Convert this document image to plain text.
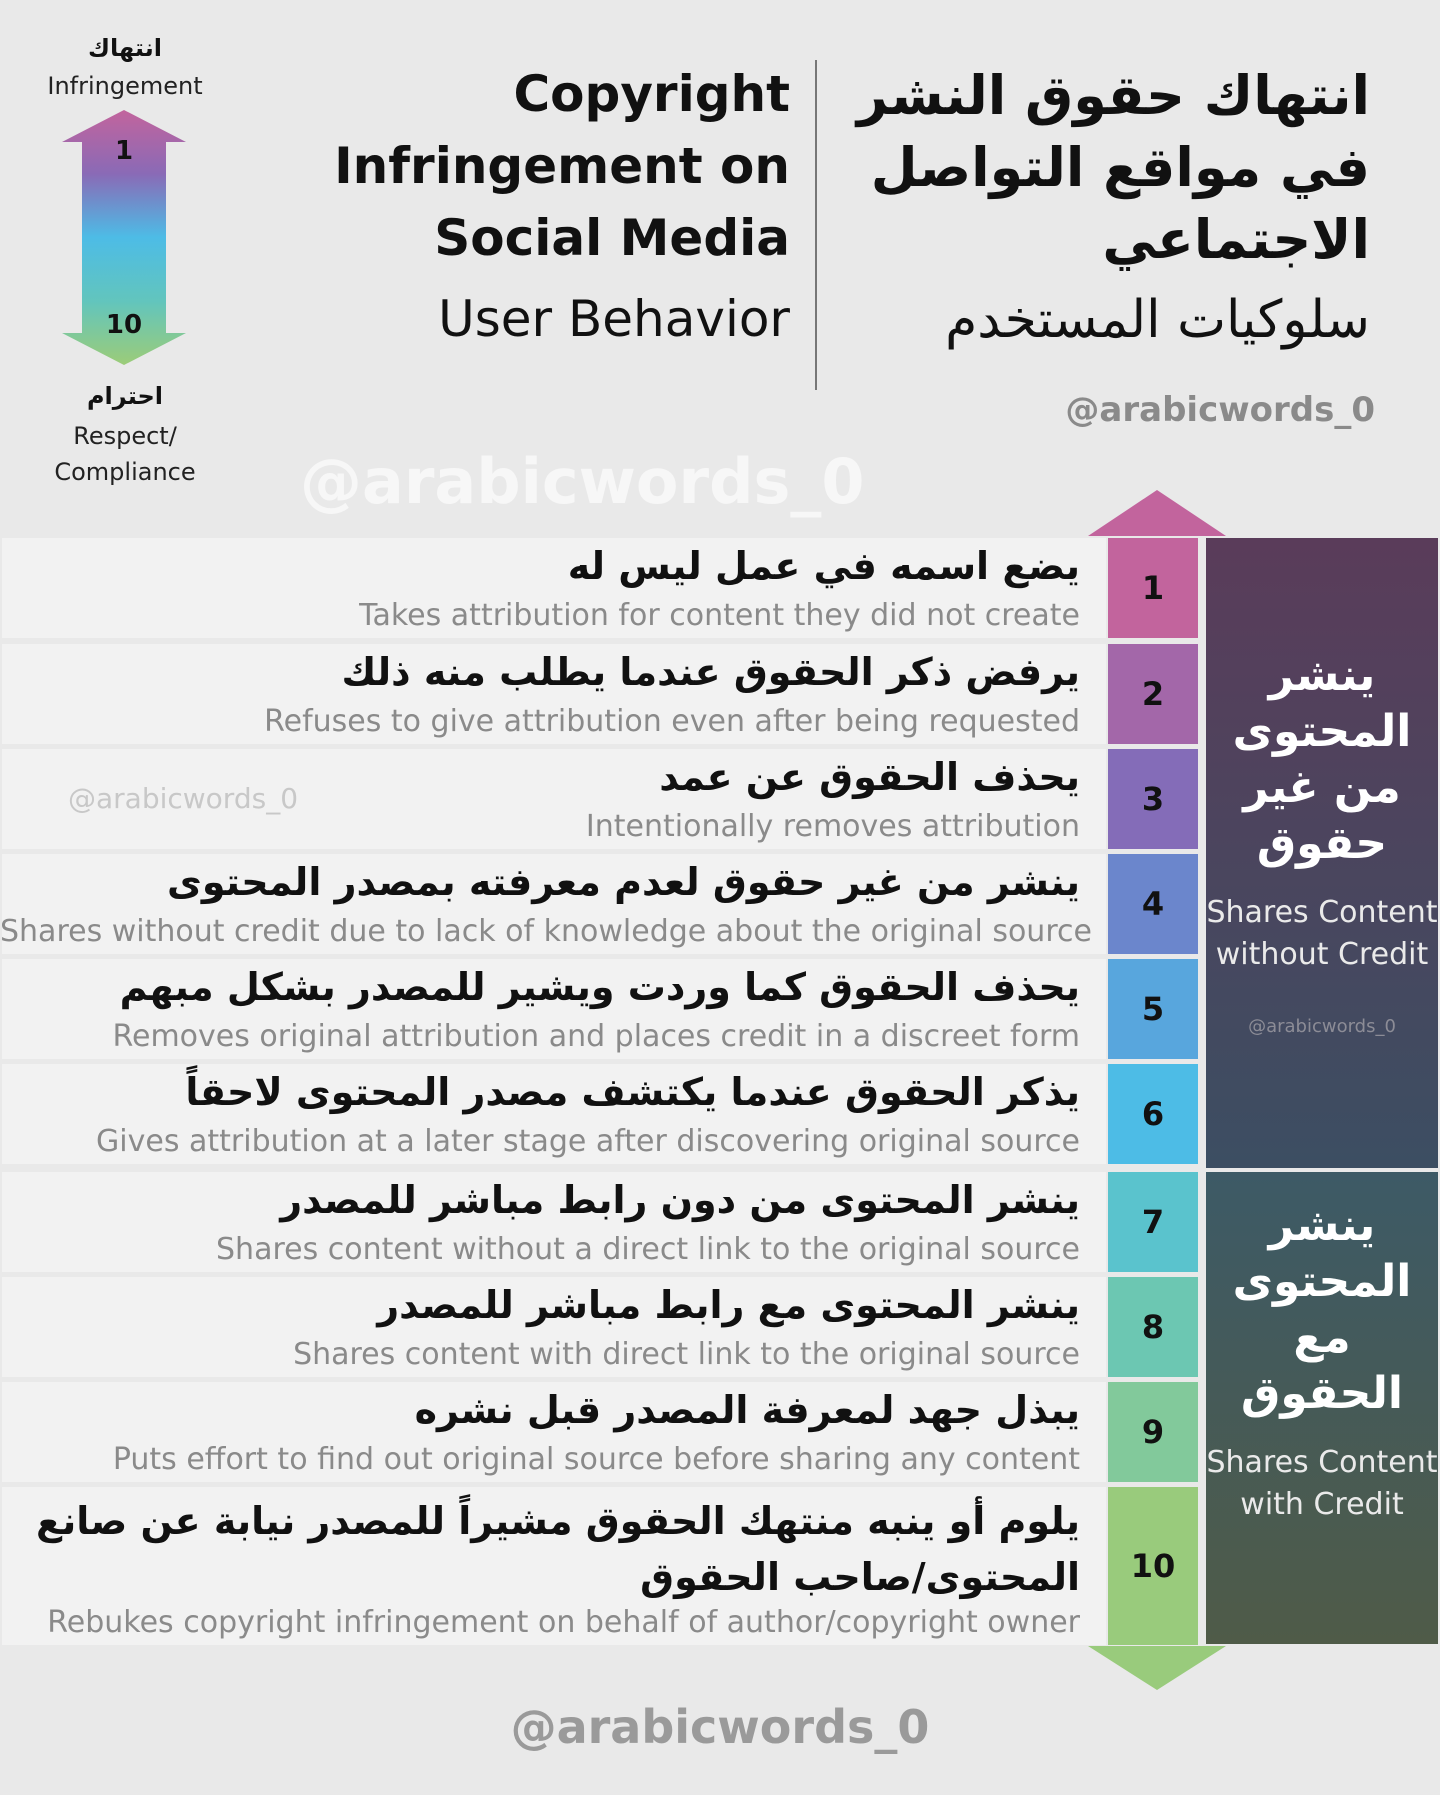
انتهاك
Infringement
1
10
احترام
Respect/ Compliance
Copyright Infringement on Social Media
User Behavior
انتهاك حقوق النشر في مواقع التواصل الاجتماعي
سلوكيات المستخدم
@arabicwords_0
@arabicwords_0
يضع اسمه في عمل ليس له
Takes attribution for content they did not create
1
يرفض ذكر الحقوق عندما يطلب منه ذلك
Refuses to give attribution even after being requested
2
يحذف الحقوق عن عمد
Intentionally removes attribution
3
ينشر من غير حقوق لعدم معرفته بمصدر المحتوى
Shares without credit due to lack of knowledge about the original source
4
يحذف الحقوق كما وردت ويشير للمصدر بشكل مبهم
Removes original attribution and places credit in a discreet form
5
يذكر الحقوق عندما يكتشف مصدر المحتوى لاحقاً
Gives attribution at a later stage after discovering original source
6
ينشر المحتوى من دون رابط مباشر للمصدر
Shares content without a direct link to the original source
7
ينشر المحتوى مع رابط مباشر للمصدر
Shares content with direct link to the original source
8
يبذل جهد لمعرفة المصدر قبل نشره
Puts effort to find out original source before sharing any content
9
يلوم أو ينبه منتهك الحقوق مشيراً للمصدر نيابة عن صانع المحتوى/صاحب الحقوق
Rebukes copyright infringement on behalf of author/copyright owner
10
ينشر المحتوى من غير حقوق
Shares Content without Credit
@arabicwords_0
ينشر المحتوى مع الحقوق
Shares Content with Credit
@arabicwords_0
@arabicwords_0
